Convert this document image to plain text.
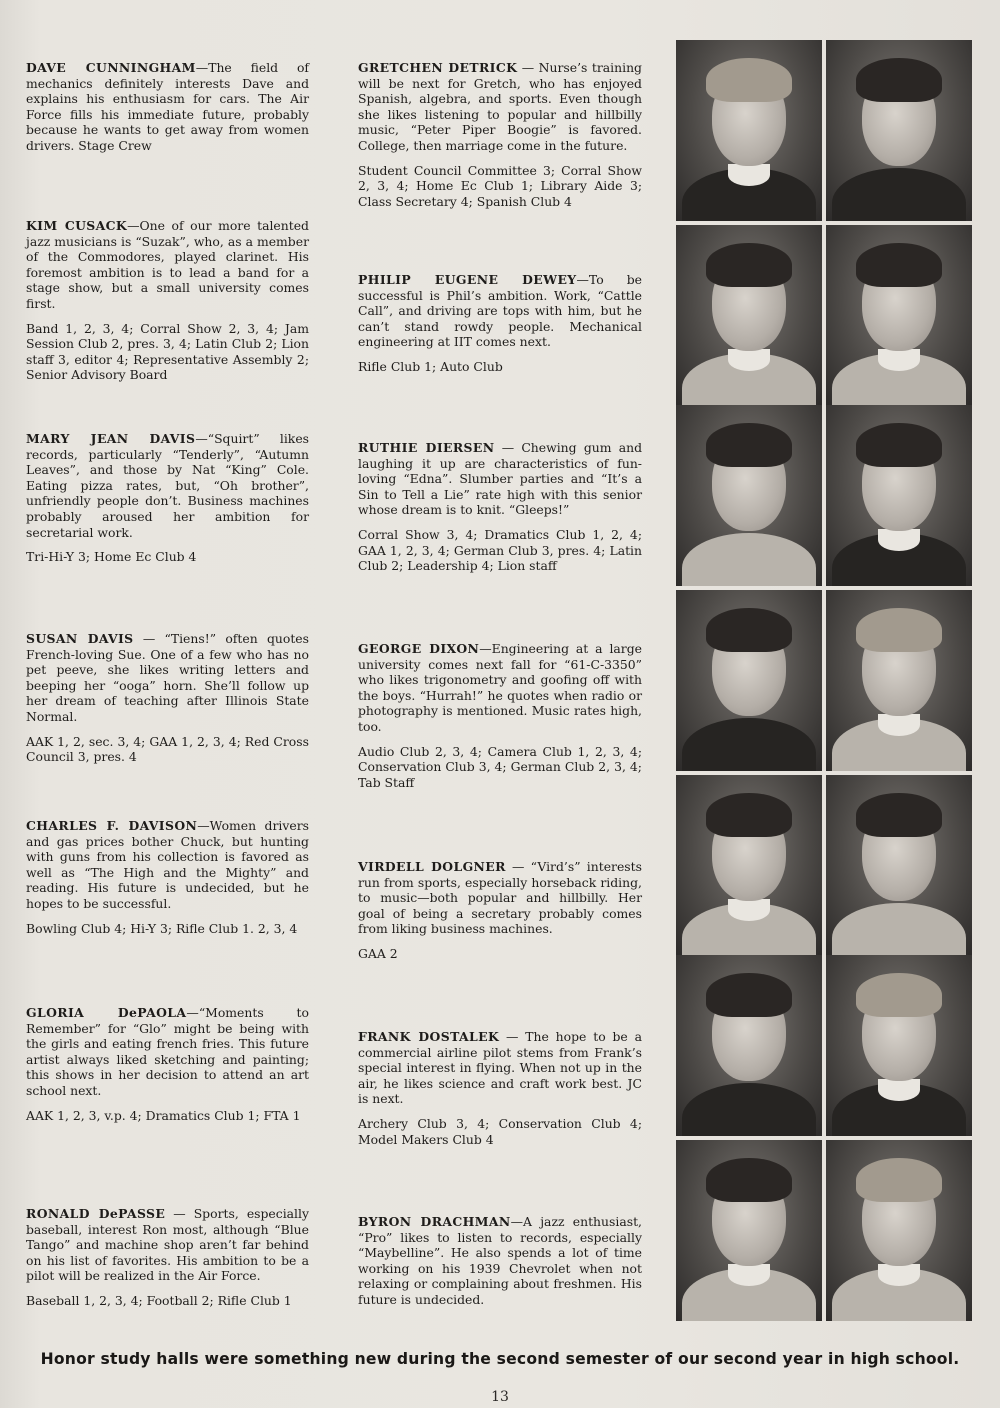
DAVE CUNNINGHAM—The field of mechanics definitely interests Dave and explains his enthusiasm for cars. The Air Force fills his immediate future, probably because he wants to get away from women drivers. Stage Crew

KIM CUSACK—One of our more talented jazz musicians is “Suzak”, who, as a member of the Commodores, played clarinet. His foremost ambition is to lead a band for a stage show, but a small university comes first.

Band 1, 2, 3, 4; Corral Show 2, 3, 4; Jam Session Club 2, pres. 3, 4; Latin Club 2; Lion staff 3, editor 4; Representative Assembly 2; Senior Advisory Board

MARY JEAN DAVIS—“Squirt” likes records, particularly “Tenderly”, “Autumn Leaves”, and those by Nat “King” Cole. Eating pizza rates, but, “Oh brother”, unfriendly people don’t. Business machines probably aroused her ambition for secretarial work.

Tri-Hi-Y 3; Home Ec Club 4

SUSAN DAVIS — “Tiens!” often quotes French-loving Sue. One of a few who has no pet peeve, she likes writing letters and beeping her “ooga” horn. She’ll follow up her dream of teaching after Illinois State Normal.

AAK 1, 2, sec. 3, 4; GAA 1, 2, 3, 4; Red Cross Council 3, pres. 4

CHARLES F. DAVISON—Women drivers and gas prices bother Chuck, but hunting with guns from his collection is favored as well as “The High and the Mighty” and reading. His future is undecided, but he hopes to be successful.

Bowling Club 4; Hi-Y 3; Rifle Club 1. 2, 3, 4

GLORIA DePAOLA—“Moments to Remember” for “Glo” might be being with the girls and eating french fries. This future artist always liked sketching and painting; this shows in her decision to attend an art school next.

AAK 1, 2, 3, v.p. 4; Dramatics Club 1; FTA 1

RONALD DePASSE — Sports, especially baseball, interest Ron most, although “Blue Tango” and machine shop aren’t far behind on his list of favorites. His ambition to be a pilot will be realized in the Air Force.

Baseball 1, 2, 3, 4; Football 2; Rifle Club 1

GRETCHEN DETRICK — Nurse’s training will be next for Gretch, who has enjoyed Spanish, algebra, and sports. Even though she likes listening to popular and hillbilly music, “Peter Piper Boogie” is favored. College, then marriage come in the future.

Student Council Committee 3; Corral Show 2, 3, 4; Home Ec Club 1; Library Aide 3; Class Secretary 4; Spanish Club 4

PHILIP EUGENE DEWEY—To be successful is Phil’s ambition. Work, “Cattle Call”, and driving are tops with him, but he can’t stand rowdy people. Mechanical engineering at IIT comes next.

Rifle Club 1; Auto Club

RUTHIE DIERSEN — Chewing gum and laughing it up are characteristics of fun-loving “Edna”. Slumber parties and “It’s a Sin to Tell a Lie” rate high with this senior whose dream is to knit. “Gleeps!”

Corral Show 3, 4; Dramatics Club 1, 2, 4; GAA 1, 2, 3, 4; German Club 3, pres. 4; Latin Club 2; Leadership 4; Lion staff

GEORGE DIXON—Engineering at a large university comes next fall for “61-C-3350” who likes trigonometry and goofing off with the boys. “Hurrah!” he quotes when radio or photography is mentioned. Music rates high, too.

Audio Club 2, 3, 4; Camera Club 1, 2, 3, 4; Conservation Club 3, 4; German Club 2, 3, 4; Tab Staff

VIRDELL DOLGNER — “Vird’s” interests run from sports, especially horseback riding, to music—both popular and hillbilly. Her goal of being a secretary probably comes from liking business machines.

GAA 2

FRANK DOSTALEK — The hope to be a commercial airline pilot stems from Frank’s special interest in flying. When not up in the air, he likes science and craft work best. JC is next.

Archery Club 3, 4; Conservation Club 4; Model Makers Club 4

BYRON DRACHMAN—A jazz enthusiast, “Pro” likes to listen to records, especially “Maybelline”. He also spends a lot of time working on his 1939 Chevrolet when not relaxing or complaining about freshmen. His future is undecided.

Honor study halls were something new during the second semester of our second year in high school.
13
